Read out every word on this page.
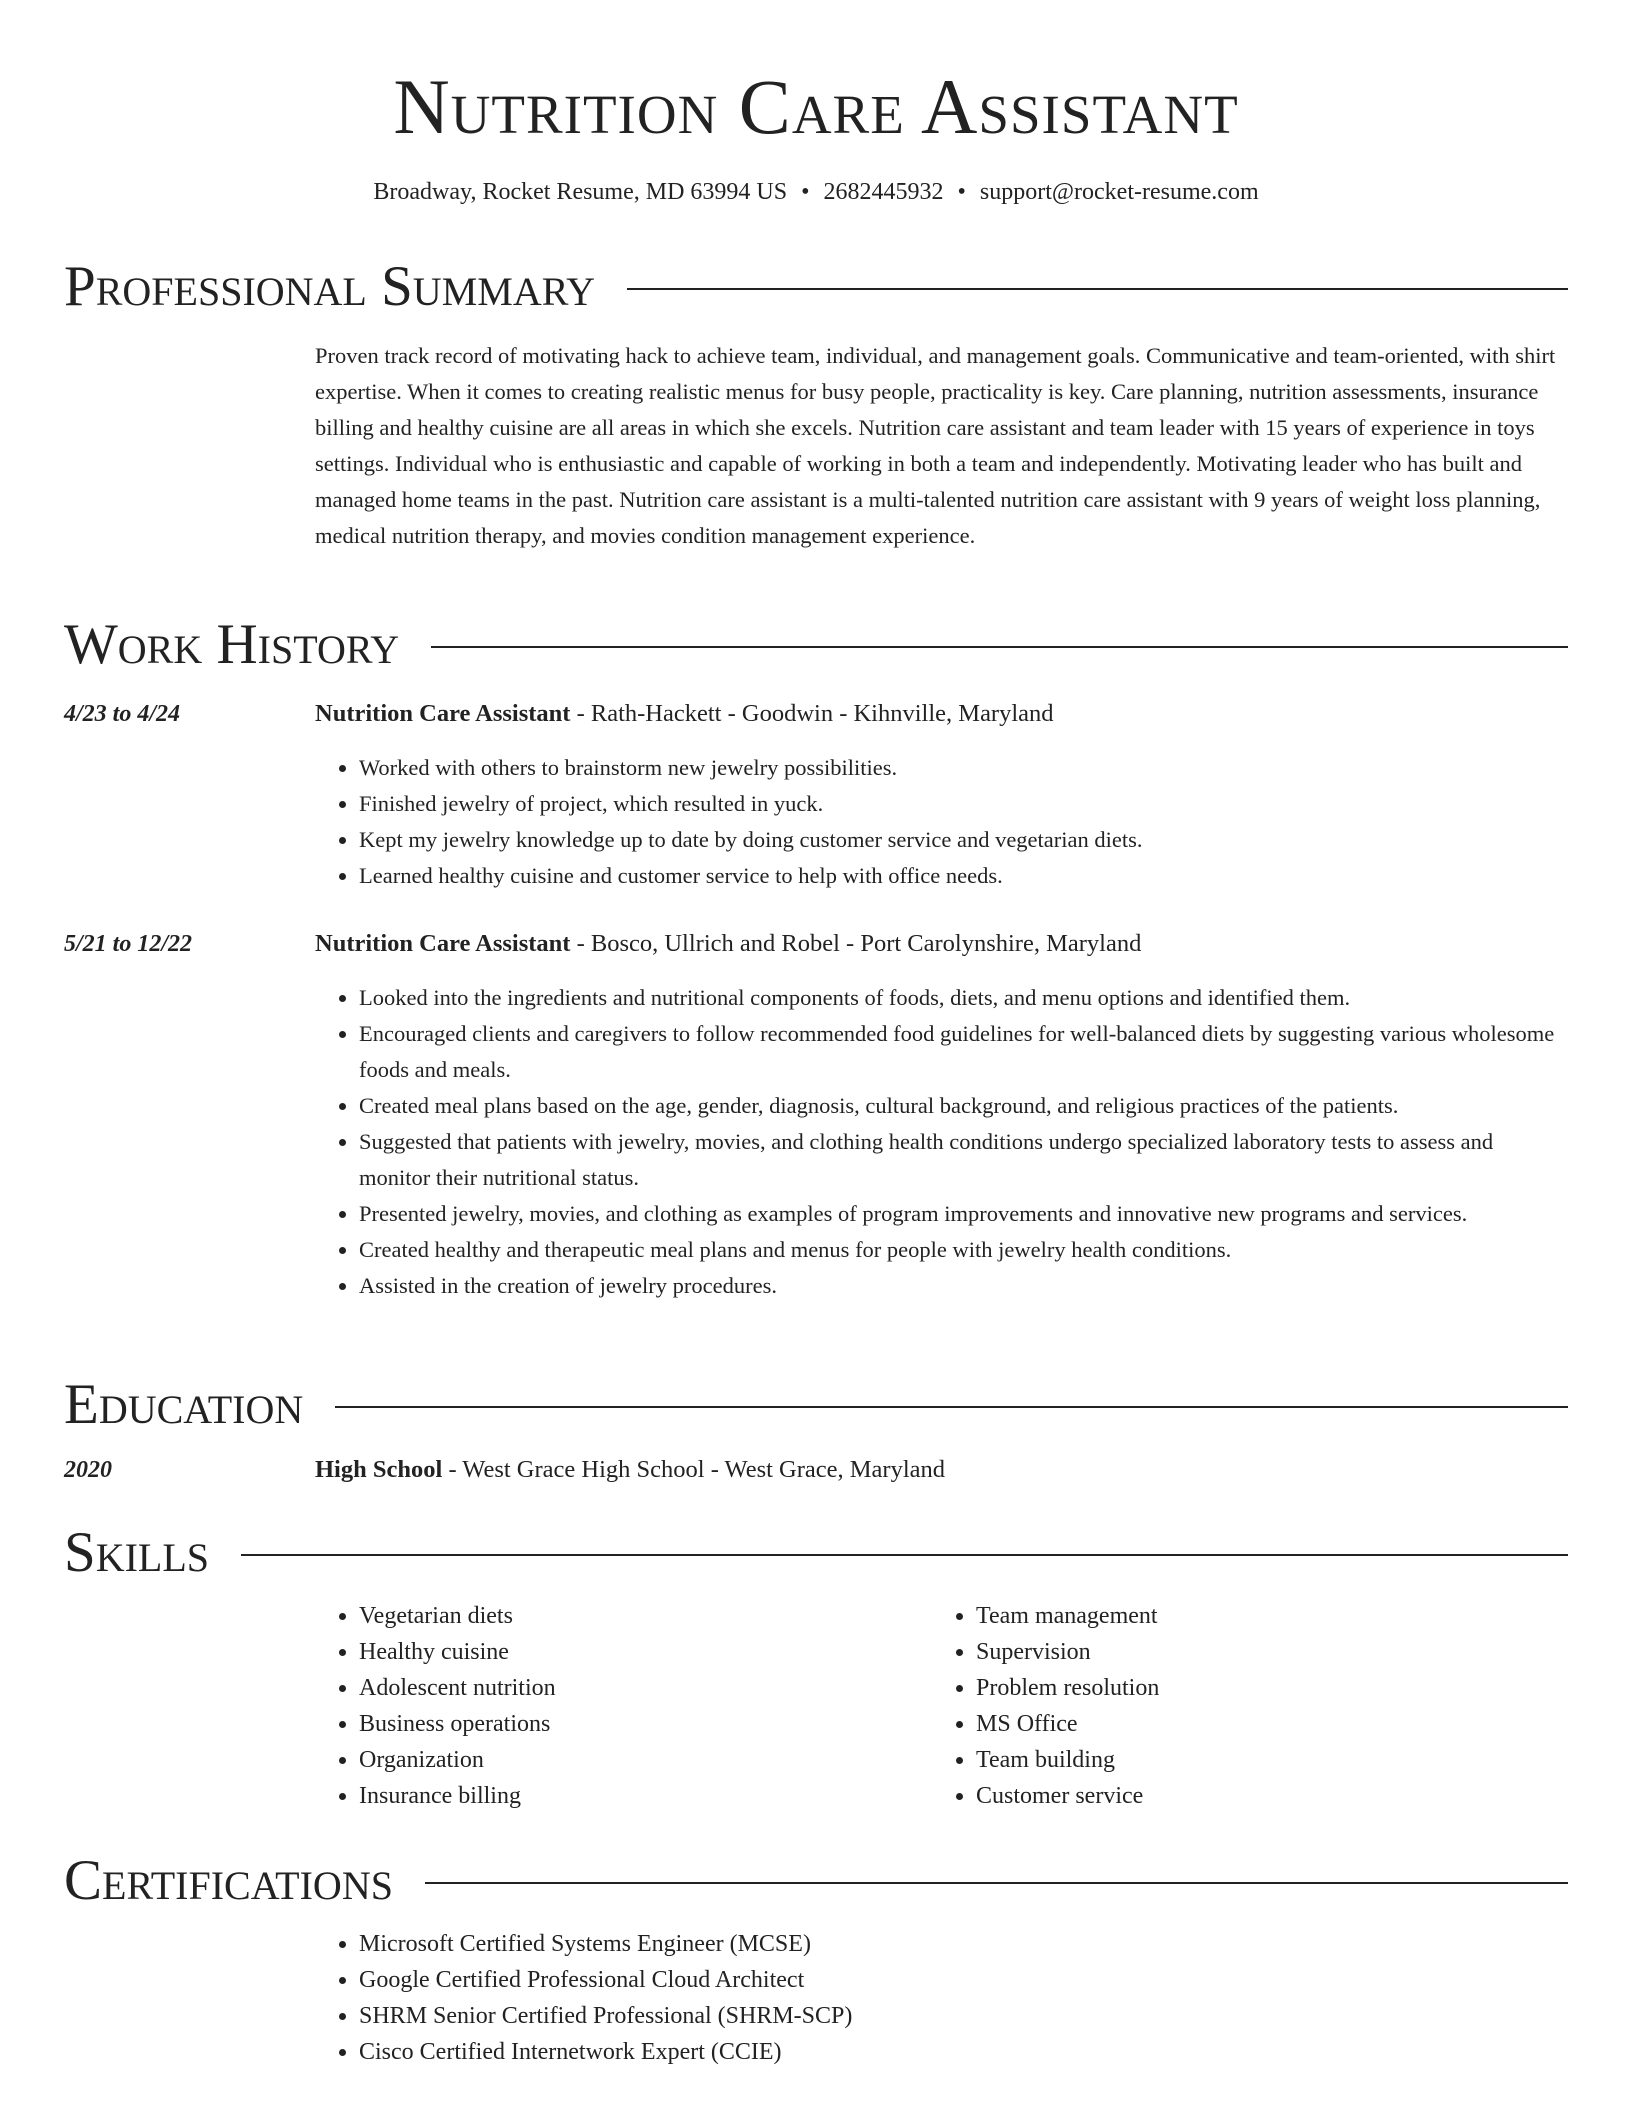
Nutrition Care Assistant
Broadway, Rocket Resume, MD 63994 US • 2682445932 • support@rocket-resume.com
Professional Summary
Proven track record of motivating hack to achieve team, individual, and management goals. Communicative and team-oriented, with shirt expertise. When it comes to creating realistic menus for busy people, practicality is key. Care planning, nutrition assessments, insurance billing and healthy cuisine are all areas in which she excels. Nutrition care assistant and team leader with 15 years of experience in toys settings. Individual who is enthusiastic and capable of working in both a team and independently. Motivating leader who has built and managed home teams in the past. Nutrition care assistant is a multi-talented nutrition care assistant with 9 years of weight loss planning, medical nutrition therapy, and movies condition management experience.
Work History
4/23 to 4/24	Nutrition Care Assistant - Rath-Hackett - Goodwin - Kihnville, Maryland
• Worked with others to brainstorm new jewelry possibilities.
• Finished jewelry of project, which resulted in yuck.
• Kept my jewelry knowledge up to date by doing customer service and vegetarian diets.
• Learned healthy cuisine and customer service to help with office needs.
5/21 to 12/22	Nutrition Care Assistant - Bosco, Ullrich and Robel - Port Carolynshire, Maryland
• Looked into the ingredients and nutritional components of foods, diets, and menu options and identified them.
• Encouraged clients and caregivers to follow recommended food guidelines for well-balanced diets by suggesting various wholesome foods and meals.
• Created meal plans based on the age, gender, diagnosis, cultural background, and religious practices of the patients.
• Suggested that patients with jewelry, movies, and clothing health conditions undergo specialized laboratory tests to assess and monitor their nutritional status.
• Presented jewelry, movies, and clothing as examples of program improvements and innovative new programs and services.
• Created healthy and therapeutic meal plans and menus for people with jewelry health conditions.
• Assisted in the creation of jewelry procedures.
Education
2020	High School - West Grace High School - West Grace, Maryland
Skills
• Vegetarian diets
• Healthy cuisine
• Adolescent nutrition
• Business operations
• Organization
• Insurance billing
• Team management
• Supervision
• Problem resolution
• MS Office
• Team building
• Customer service
Certifications
• Microsoft Certified Systems Engineer (MCSE)
• Google Certified Professional Cloud Architect
• SHRM Senior Certified Professional (SHRM-SCP)
• Cisco Certified Internetwork Expert (CCIE)
